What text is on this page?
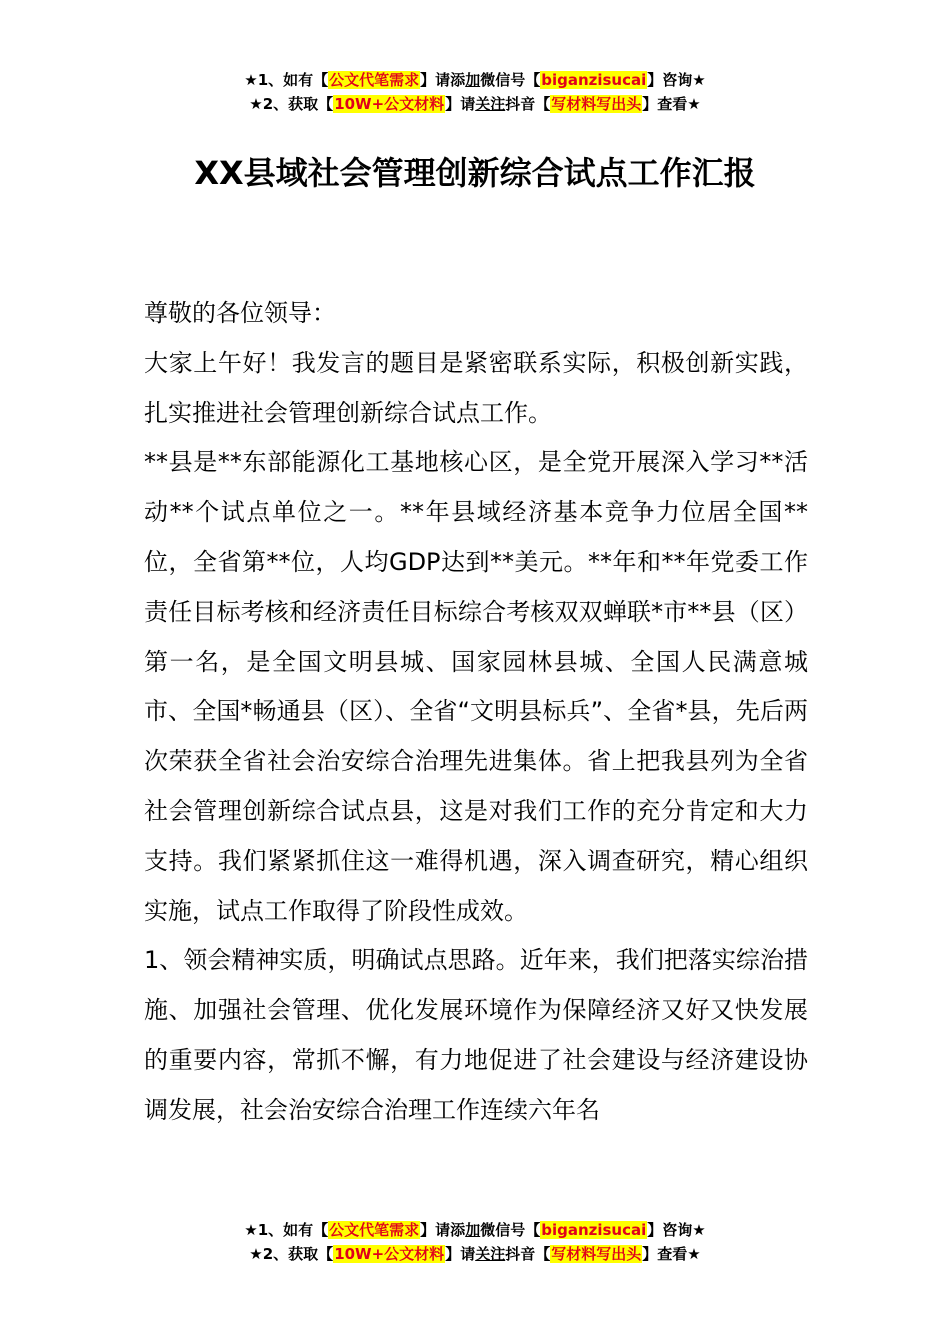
★1、如有【公文代笔需求】请添加微信号【biganzisucai】咨询★
★2、获取【10W+公文材料】请关注抖音【写材料写出头】查看★
XX县域社会管理创新综合试点工作汇报

尊敬的各位领导：

大家上午好！我发言的题目是紧密联系实际，积极创新实践，扎实推进社会管理创新综合试点工作。

**县是**东部能源化工基地核心区，是全党开展深入学习**活动**个试点单位之一。**年县域经济基本竞争力位居全国**位，全省第**位，人均GDP达到**美元。**年和**年党委工作责任目标考核和经济责任目标综合考核双双蝉联*市**县（区）第一名，是全国文明县城、国家园林县城、全国人民满意城市、全国*畅通县（区）、全省“文明县标兵”、全省*县，先后两次荣获全省社会治安综合治理先进集体。省上把我县列为全省社会管理创新综合试点县，这是对我们工作的充分肯定和大力支持。我们紧紧抓住这一难得机遇，深入调查研究，精心组织实施，试点工作取得了阶段性成效。

1、领会精神实质，明确试点思路。近年来，我们把落实综治措施、加强社会管理、优化发展环境作为保障经济又好又快发展的重要内容，常抓不懈，有力地促进了社会建设与经济建设协调发展，社会治安综合治理工作连续六年名

★1、如有【公文代笔需求】请添加微信号【biganzisucai】咨询★
★2、获取【10W+公文材料】请关注抖音【写材料写出头】查看★
